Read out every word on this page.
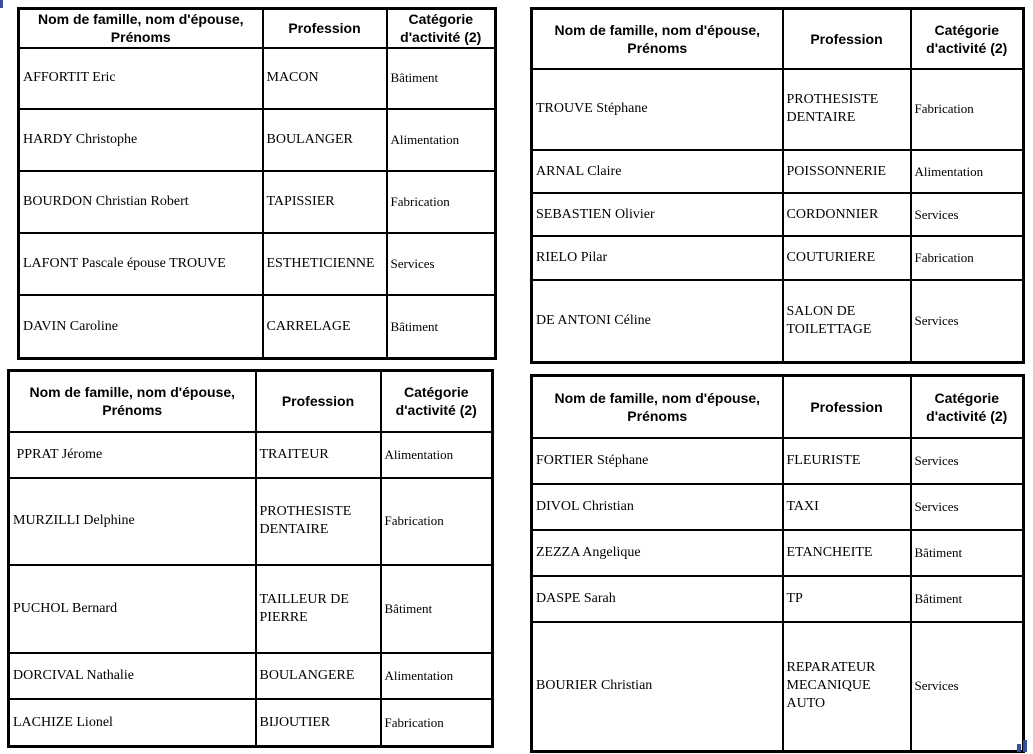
Nom de famille, nom d'épouse,
Prénoms	Profession	Catégorie
d'activité (2)
AFFORTIT Eric	MACON	Bâtiment
HARDY Christophe	BOULANGER	Alimentation
BOURDON Christian Robert	TAPISSIER	Fabrication
LAFONT Pascale épouse TROUVE	ESTHETICIENNE	Services
DAVIN Caroline	CARRELAGE	Bâtiment
Nom de famille, nom d'épouse,
Prénoms	Profession	Catégorie
d'activité (2)
TROUVE Stéphane	PROTHESISTE
DENTAIRE	Fabrication
ARNAL Claire	POISSONNERIE	Alimentation
SEBASTIEN Olivier	CORDONNIER	Services
RIELO Pilar	COUTURIERE	Fabrication
DE ANTONI Céline	SALON DE
TOILETTAGE	Services
Nom de famille, nom d'épouse,
Prénoms	Profession	Catégorie
d'activité (2)
PPRAT Jérome	TRAITEUR	Alimentation
MURZILLI Delphine	PROTHESISTE
DENTAIRE	Fabrication
PUCHOL Bernard	TAILLEUR DE
PIERRE	Bâtiment
DORCIVAL Nathalie	BOULANGERE	Alimentation
LACHIZE Lionel	BIJOUTIER	Fabrication
Nom de famille, nom d'épouse,
Prénoms	Profession	Catégorie
d'activité (2)
FORTIER Stéphane	FLEURISTE	Services
DIVOL Christian	TAXI	Services
ZEZZA Angelique	ETANCHEITE	Bâtiment
DASPE Sarah	TP	Bâtiment
BOURIER Christian	REPARATEUR
MECANIQUE
AUTO	Services
